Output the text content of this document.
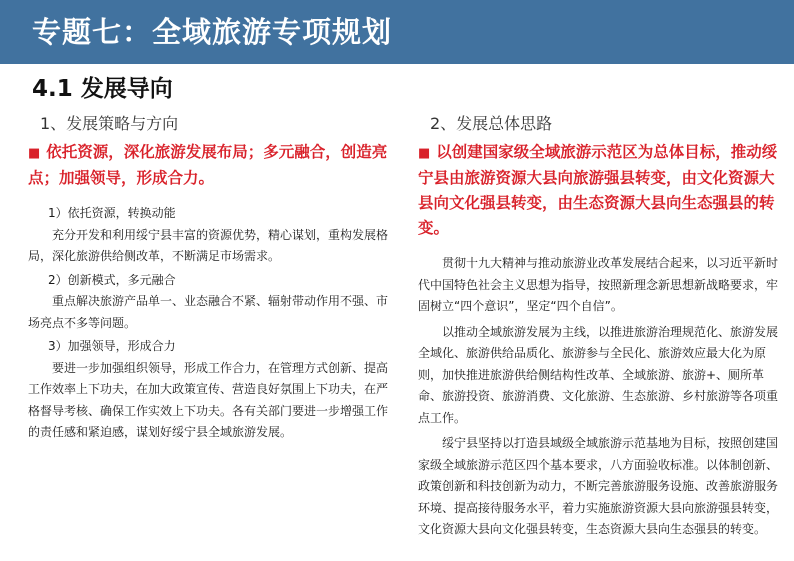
专题七：全域旅游专项规划
4.1 发展导向
1、发展策略与方向
■ 依托资源，深化旅游发展布局；多元融合，创造亮点；加强领导，形成合力。

1）依托资源，转换动能

充分开发和利用绥宁县丰富的资源优势，精心谋划，重构发展格局，深化旅游供给侧改革，不断满足市场需求。

2）创新模式，多元融合

重点解决旅游产品单一、业态融合不紧、辐射带动作用不强、市场亮点不多等问题。

3）加强领导，形成合力

要进一步加强组织领导，形成工作合力，在管理方式创新、提高工作效率上下功夫，在加大政策宣传、营造良好氛围上下功夫，在严格督导考核、确保工作实效上下功夫。各有关部门要进一步增强工作的责任感和紧迫感，谋划好绥宁县全域旅游发展。

2、发展总体思路
■ 以创建国家级全域旅游示范区为总体目标，推动绥宁县由旅游资源大县向旅游强县转变，由文化资源大县向文化强县转变，由生态资源大县向生态强县的转变。

贯彻十九大精神与推动旅游业改革发展结合起来，以习近平新时代中国特色社会主义思想为指导，按照新理念新思想新战略要求，牢固树立“四个意识”，坚定“四个自信”。

以推动全域旅游发展为主线，以推进旅游治理规范化、旅游发展全域化、旅游供给品质化、旅游参与全民化、旅游效应最大化为原则，加快推进旅游供给侧结构性改革、全域旅游、旅游+、厕所革命、旅游投资、旅游消费、文化旅游、生态旅游、乡村旅游等各项重点工作。

绥宁县坚持以打造县域级全域旅游示范基地为目标，按照创建国家级全域旅游示范区四个基本要求，八方面验收标准。以体制创新、政策创新和科技创新为动力，不断完善旅游服务设施、改善旅游服务环境、提高接待服务水平，着力实施旅游资源大县向旅游强县转变，文化资源大县向文化强县转变，生态资源大县向生态强县的转变。
